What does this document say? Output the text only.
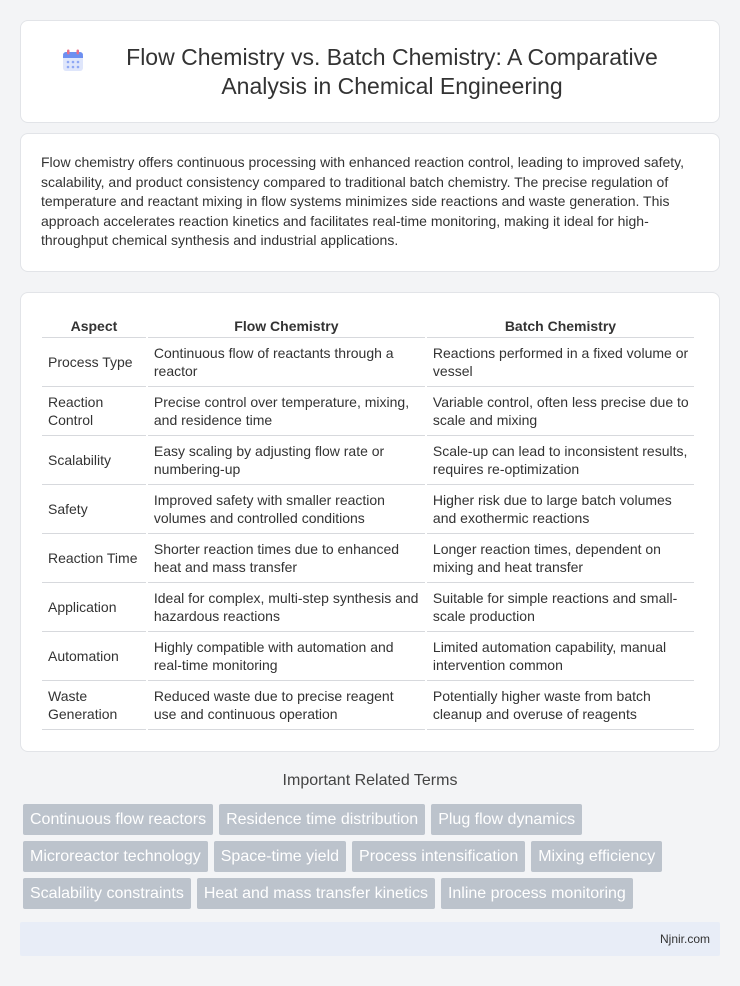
Flow Chemistry vs. Batch Chemistry: A Comparative Analysis in Chemical Engineering

Flow chemistry offers continuous processing with enhanced reaction control, leading to improved safety, scalability, and product consistency compared to traditional batch chemistry. The precise regulation of temperature and reactant mixing in flow systems minimizes side reactions and waste generation. This approach accelerates reaction kinetics and facilitates real-time monitoring, making it ideal for high-throughput chemical synthesis and industrial applications.

Aspect	Flow Chemistry	Batch Chemistry
Process Type	Continuous flow of reactants through a reactor	Reactions performed in a fixed volume or vessel
Reaction Control	Precise control over temperature, mixing, and residence time	Variable control, often less precise due to scale and mixing
Scalability	Easy scaling by adjusting flow rate or numbering-up	Scale-up can lead to inconsistent results, requires re-optimization
Safety	Improved safety with smaller reaction volumes and controlled conditions	Higher risk due to large batch volumes and exothermic reactions
Reaction Time	Shorter reaction times due to enhanced heat and mass transfer	Longer reaction times, dependent on mixing and heat transfer
Application	Ideal for complex, multi-step synthesis and hazardous reactions	Suitable for simple reactions and small-scale production
Automation	Highly compatible with automation and real-time monitoring	Limited automation capability, manual intervention common
Waste Generation	Reduced waste due to precise reagent use and continuous operation	Potentially higher waste from batch cleanup and overuse of reagents
Important Related Terms
Continuous flow reactors	Residence time distribution	Plug flow dynamics
Microreactor technology	Space-time yield	Process intensification	Mixing efficiency
Scalability constraints	Heat and mass transfer kinetics	Inline process monitoring
Njnir.com
